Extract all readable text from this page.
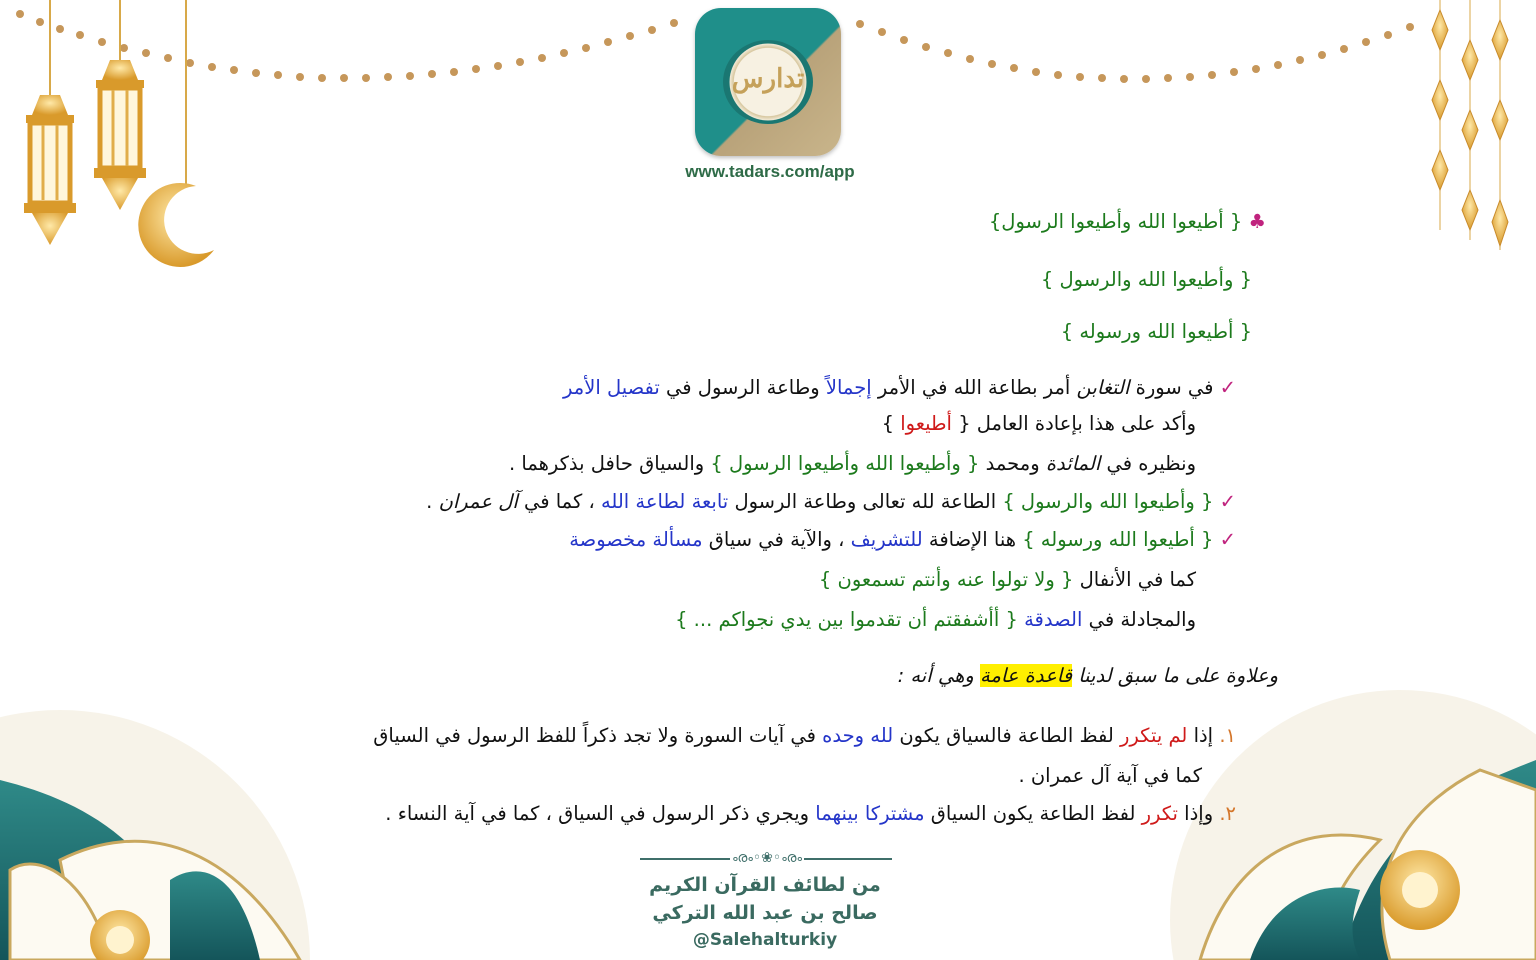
تدارس
www.tadars.com/app
♣ { أطيعوا الله وأطيعوا الرسول}
{ وأطيعوا الله والرسول }
{ أطيعوا الله ورسوله }
✓ في سورة التغابن أمر بطاعة الله في الأمر إجمالاً وطاعة الرسول في تفصيل الأمر
وأكد على هذا بإعادة العامل { أطيعوا }
ونظيره في المائدة ومحمد { وأطيعوا الله وأطيعوا الرسول } والسياق حافل بذكرهما .
✓ { وأطيعوا الله والرسول } الطاعة لله تعالى وطاعة الرسول تابعة لطاعة الله ، كما في آل عمران .
✓ { أطيعوا الله ورسوله } هنا الإضافة للتشريف ، والآية في سياق مسألة مخصوصة
كما في الأنفال { ولا تولوا عنه وأنتم تسمعون }
والمجادلة في الصدقة { أأشفقتم أن تقدموا بين يدي نجواكم ... }
وعلاوة على ما سبق لدينا قاعدة عامة وهي أنه :
١. إذا لم يتكرر لفظ الطاعة فالسياق يكون لله وحده في آيات السورة ولا تجد ذكراً للفظ الرسول في السياق
كما في آية آل عمران .
٢. وإذا تكرر لفظ الطاعة يكون السياق مشتركا بينهما ويجري ذكر الرسول في السياق ، كما في آية النساء .
ൟ◦❀◦ൟ
من لطائف القرآن الكريم
صالح بن عبد الله التركي
@Salehalturkiy
